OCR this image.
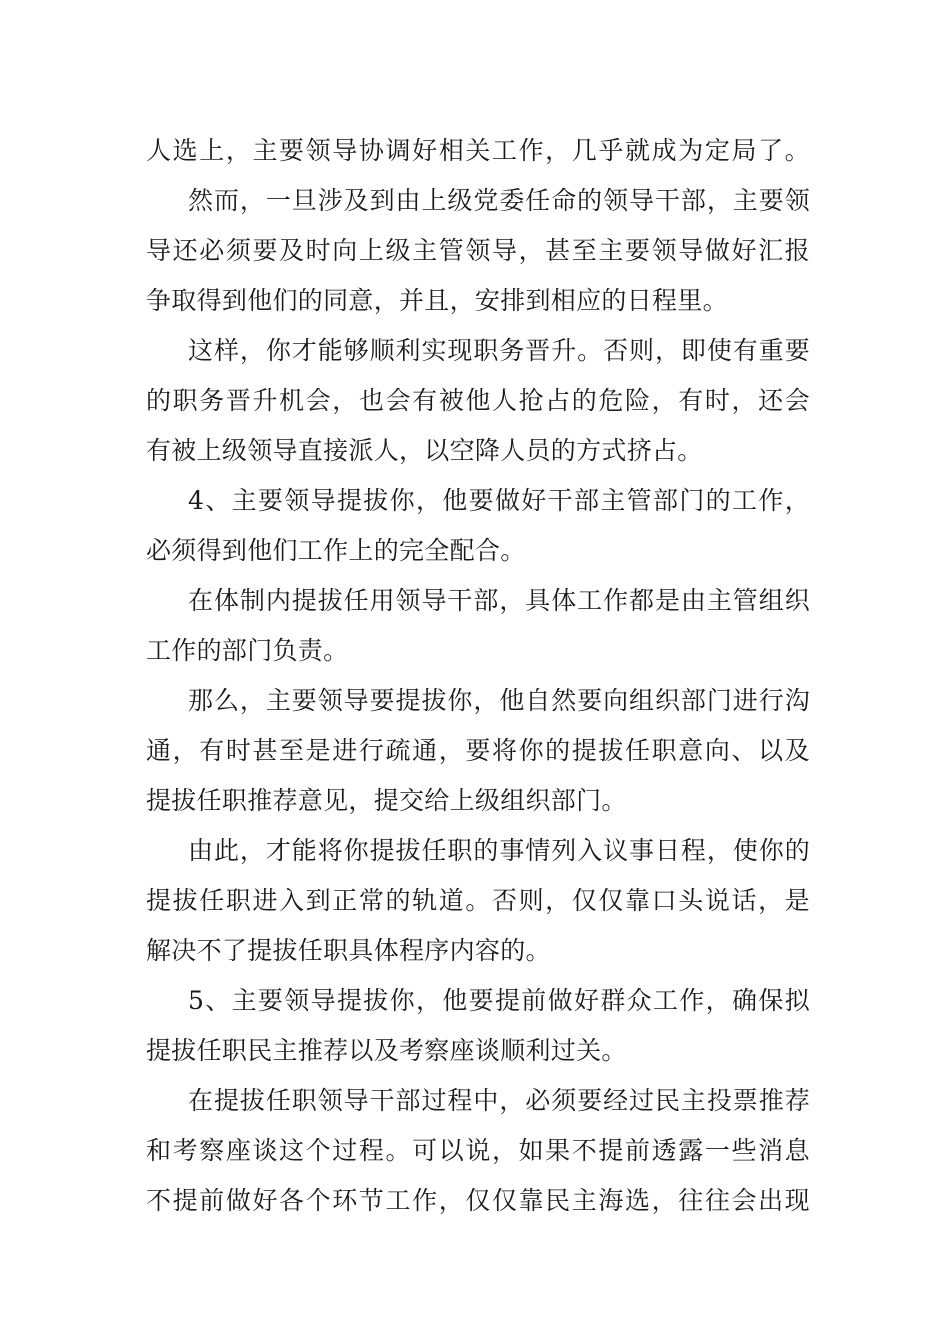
人选上，主要领导协调好相关工作，几乎就成为定局了。
然而，一旦涉及到由上级党委任命的领导干部，主要领
导还必须要及时向上级主管领导，甚至主要领导做好汇报
争取得到他们的同意，并且，安排到相应的日程里。
这样，你才能够顺利实现职务晋升。否则，即使有重要
的职务晋升机会，也会有被他人抢占的危险，有时，还会
有被上级领导直接派人，以空降人员的方式挤占。
4、主要领导提拔你，他要做好干部主管部门的工作，
必须得到他们工作上的完全配合。
在体制内提拔任用领导干部，具体工作都是由主管组织
工作的部门负责。
那么，主要领导要提拔你，他自然要向组织部门进行沟
通，有时甚至是进行疏通，要将你的提拔任职意向、以及
提拔任职推荐意见，提交给上级组织部门。
由此，才能将你提拔任职的事情列入议事日程，使你的
提拔任职进入到正常的轨道。否则，仅仅靠口头说话，是
解决不了提拔任职具体程序内容的。
5、主要领导提拔你，他要提前做好群众工作，确保拟
提拔任职民主推荐以及考察座谈顺利过关。
在提拔任职领导干部过程中，必须要经过民主投票推荐
和考察座谈这个过程。可以说，如果不提前透露一些消息
不提前做好各个环节工作，仅仅靠民主海选，往往会出现
